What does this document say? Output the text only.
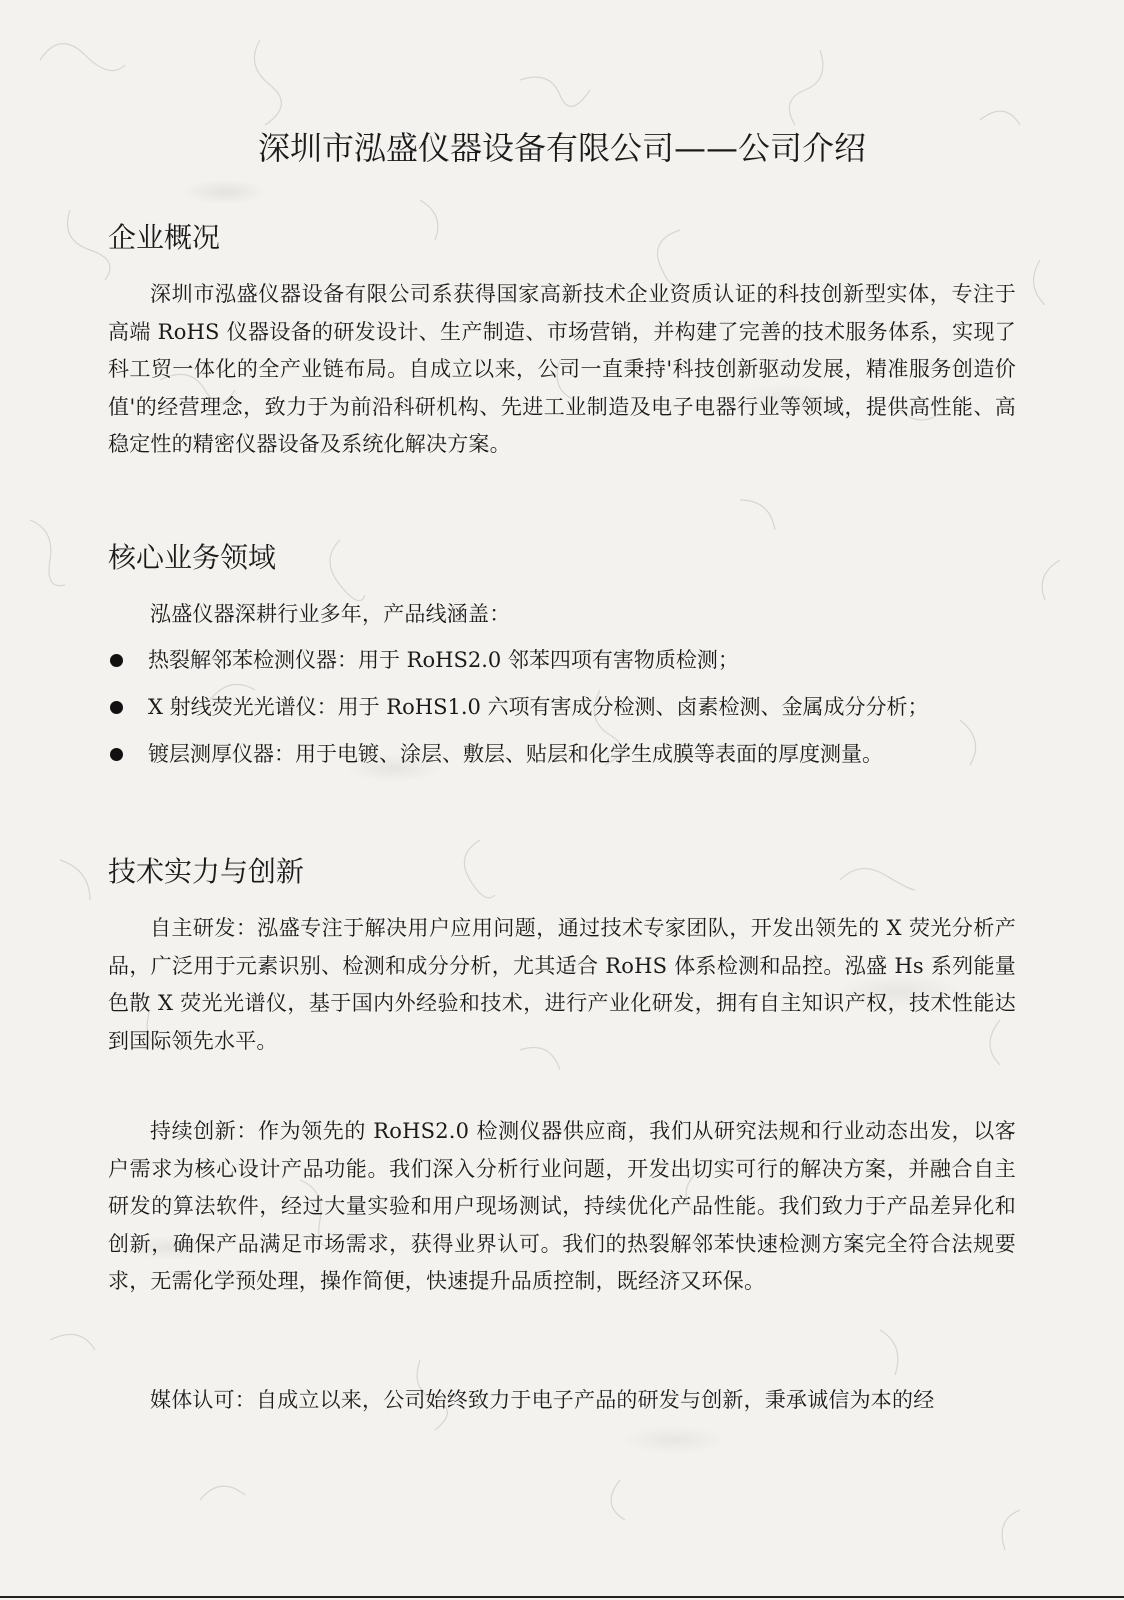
深圳市泓盛仪器设备有限公司——公司介绍
企业概况

深圳市泓盛仪器设备有限公司系获得国家高新技术企业资质认证的科技创新型实体，专注于高端 RoHS 仪器设备的研发设计、生产制造、市场营销，并构建了完善的技术服务体系，实现了科工贸一体化的全产业链布局。自成立以来，公司一直秉持'科技创新驱动发展，精准服务创造价值'的经营理念，致力于为前沿科研机构、先进工业制造及电子电器行业等领域，提供高性能、高稳定性的精密仪器设备及系统化解决方案。

核心业务领域

泓盛仪器深耕行业多年，产品线涵盖：

热裂解邻苯检测仪器：用于 RoHS2.0 邻苯四项有害物质检测；
X 射线荧光光谱仪：用于 RoHS1.0 六项有害成分检测、卤素检测、金属成分分析；
镀层测厚仪器：用于电镀、涂层、敷层、贴层和化学生成膜等表面的厚度测量。
技术实力与创新

自主研发：泓盛专注于解决用户应用问题，通过技术专家团队，开发出领先的 X 荧光分析产品，广泛用于元素识别、检测和成分分析，尤其适合 RoHS 体系检测和品控。泓盛 Hs 系列能量色散 X 荧光光谱仪，基于国内外经验和技术，进行产业化研发，拥有自主知识产权，技术性能达到国际领先水平。

持续创新：作为领先的 RoHS2.0 检测仪器供应商，我们从研究法规和行业动态出发，以客户需求为核心设计产品功能。我们深入分析行业问题，开发出切实可行的解决方案，并融合自主研发的算法软件，经过大量实验和用户现场测试，持续优化产品性能。我们致力于产品差异化和创新，确保产品满足市场需求，获得业界认可。我们的热裂解邻苯快速检测方案完全符合法规要求，无需化学预处理，操作简便，快速提升品质控制，既经济又环保。

媒体认可：自成立以来，公司始终致力于电子产品的研发与创新，秉承诚信为本的经
